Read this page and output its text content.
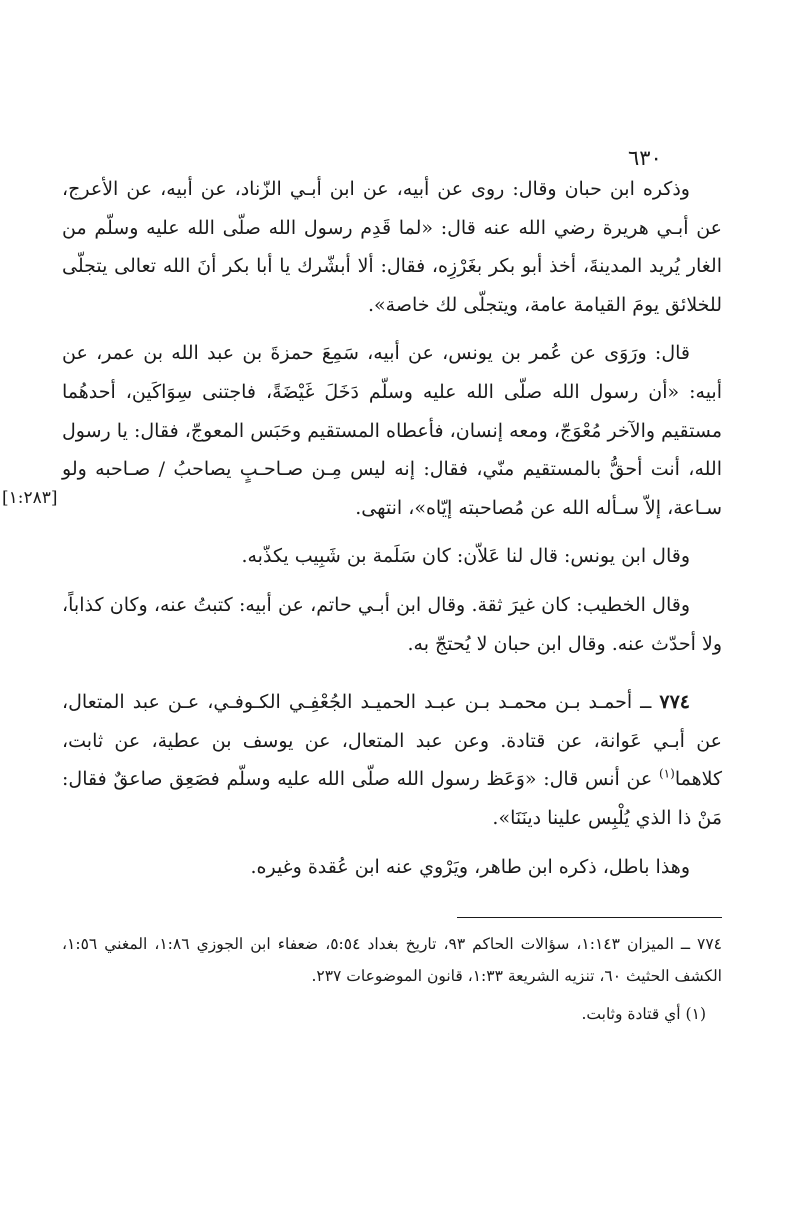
٦٣٠

وذكره ابن حبان وقال: روى عن أبيه، عن ابن أبـي الزّناد، عن أبيه، عن الأعرج، عن أبـي هريرة رضي الله عنه قال: «لما قَدِم رسول الله صلّى الله عليه وسلّم من الغار يُريد المدينةَ، أخذ أبو بكر بغَرْزِه، فقال: ألا أبشّرك يا أبا بكر أنَ الله تعالى يتجلّى للخلائق يومَ القيامة عامة، ويتجلّى لك خاصة».

قال: ورَوَى عن عُمر بن يونس، عن أبيه، سَمِعَ حمزةَ بن عبد الله بن عمر، عن أبيه: «أن رسول الله صلّى الله عليه وسلّم دَخَلَ غَيْضَةً، فاجتنى سِوَاكَين، أحدهُما مستقيم والآخر مُعْوَجّ، ومعه إنسان، فأعطاه المستقيم وحَبَس المعوجّ، فقال: يا رسول الله، أنت أحقُّ بالمستقيم منّي، فقال: إنه ليس مِـن صـاحـبٍ يصاحبُ / صـاحبه ولو سـاعة، إلاّ سـأله الله عن مُصاحبته إيّاه»، انتهى.

وقال ابن يونس: قال لنا عَلاّن: كان سَلَمة بن شَبِيب يكذّبه.

وقال الخطيب: كان غيرَ ثقة. وقال ابن أبـي حاتم، عن أبيه: كتبتُ عنه، وكان كذاباً، ولا أحدّث عنه. وقال ابن حبان لا يُحتجّ به.

٧٧٤ ــ أحمـد بـن محمـد بـن عبـد الحميـد الجُعْفِـي الكـوفـي، عـن عبد المتعال، عن أبـي عَوانة، عن قتادة. وعن عبد المتعال، عن يوسف بن عطية، عن ثابت، كلاهما$^{(١)}$ عن أنس قال: «وَعَظ رسول الله صلّى الله عليه وسلّم فصَعِق صاعقٌ فقال: مَنْ ذا الذي يُلْبِس علينا دينَنَا».

وهذا باطل، ذكره ابن طاهر، ويَرْوي عنه ابن عُقدة وغيره.

[١:٢٨٣]

٧٧٤ ــ الميزان ١:١٤٣، سؤالات الحاكم ٩٣، تاريخ بغداد ٥:٥٤، ضعفاء ابن الجوزي ١:٨٦، المغني ١:٥٦، الكشف الحثيث ٦٠، تنزيه الشريعة ١:٣٣، قانون الموضوعات ٢٣٧.

(١) أي قتادة وثابت.
